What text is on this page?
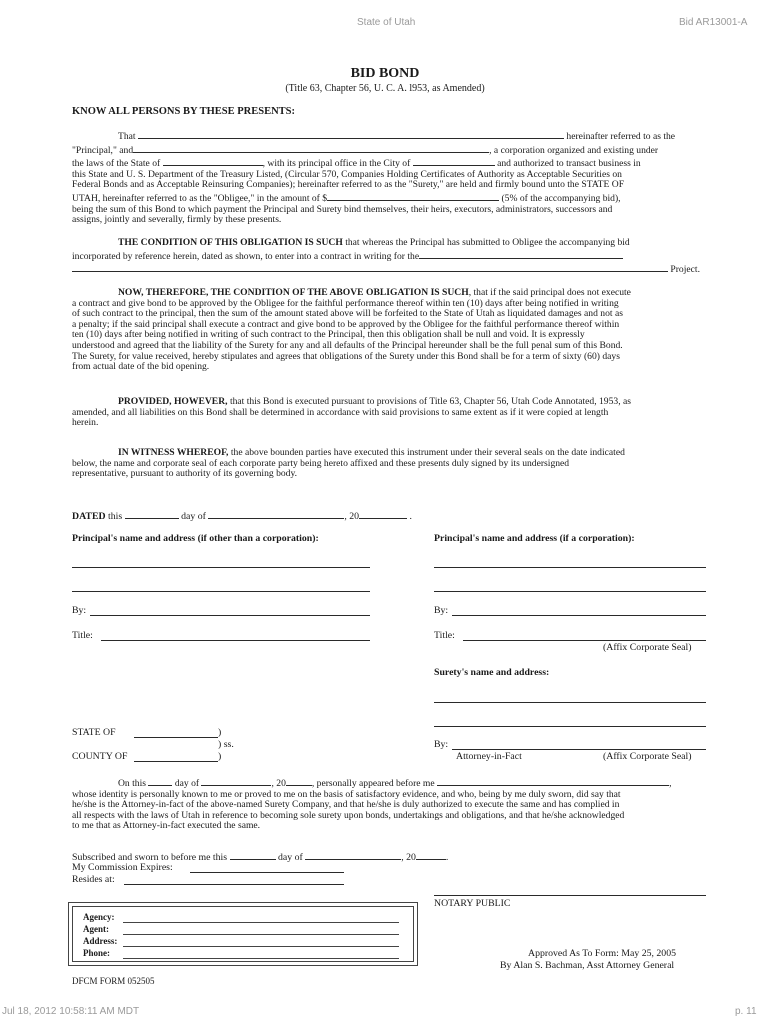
State of Utah	Bid AR13001-A
BID BOND
(Title 63, Chapter 56, U. C. A. l953, as Amended)
KNOW ALL PERSONS BY THESE PRESENTS:
That	hereinafter referred to as the
"Principal," and	, a corporation organized and existing under
the laws of the State of	, with its principal office in the City of	and authorized to transact business in
this State and U. S. Department of the Treasury Listed, (Circular 570, Companies Holding Certificates of Authority as Acceptable Securities on
Federal Bonds and as Acceptable Reinsuring Companies); hereinafter referred to as the "Surety," are held and firmly bound unto the STATE OF
UTAH, hereinafter referred to as the "Obligee," in the amount of $	(5% of the accompanying bid),
being the sum of this Bond to which payment the Principal and Surety bind themselves, their heirs, executors, administrators, successors and
assigns, jointly and severally, firmly by these presents.
THE CONDITION OF THIS OBLIGATION IS SUCH that whereas the Principal has submitted to Obligee the accompanying bid
incorporated by reference herein, dated as shown, to enter into a contract in writing for the
Project.
NOW, THEREFORE, THE CONDITION OF THE ABOVE OBLIGATION IS SUCH, that if the said principal does not execute
a contract and give bond to be approved by the Obligee for the faithful performance thereof within ten (10) days after being notified in writing
of such contract to the principal, then the sum of the amount stated above will be forfeited to the State of Utah as liquidated damages and not as
a penalty; if the said principal shall execute a contract and give bond to be approved by the Obligee for the faithful performance thereof within
ten (10) days after being notified in writing of such contract to the Principal, then this obligation shall be null and void. It is expressly
understood and agreed that the liability of the Surety for any and all defaults of the Principal hereunder shall be the full penal sum of this Bond.
The Surety, for value received, hereby stipulates and agrees that obligations of the Surety under this Bond shall be for a term of sixty (60) days
from actual date of the bid opening.
PROVIDED, HOWEVER, that this Bond is executed pursuant to provisions of Title 63, Chapter 56, Utah Code Annotated, 1953, as
amended, and all liabilities on this Bond shall be determined in accordance with said provisions to same extent as if it were copied at length
herein.
IN WITNESS WHEREOF, the above bounden parties have executed this instrument under their several seals on the date indicated
below, the name and corporate seal of each corporate party being hereto affixed and these presents duly signed by its undersigned
representative, pursuant to authority of its governing body.
DATED this	day of	, 20	.
Principal's name and address (if other than a corporation):	Principal's name and address (if a corporation):
By:	By:
Title:	Title:
(Affix Corporate Seal)
Surety's name and address:
STATE OF	)
) ss.
COUNTY OF	)
By:
Attorney-in-Fact	(Affix Corporate Seal)
On this	day of	, 20	, personally appeared before me	,
whose identity is personally known to me or proved to me on the basis of satisfactory evidence, and who, being by me duly sworn, did say that
he/she is the Attorney-in-fact of the above-named Surety Company, and that he/she is duly authorized to execute the same and has complied in
all respects with the laws of Utah in reference to becoming sole surety upon bonds, undertakings and obligations, and that he/she acknowledged
to me that as Attorney-in-fact executed the same.
Subscribed and sworn to before me this	day of	, 20	.
My Commission Expires:
Resides at:
NOTARY PUBLIC
Agency:
Agent:
Address:
Phone:	Approved As To Form: May 25, 2005
By Alan S. Bachman, Asst Attorney General
DFCM FORM 052505
Jul 18, 2012 10:58:11 AM MDT	p. 11
